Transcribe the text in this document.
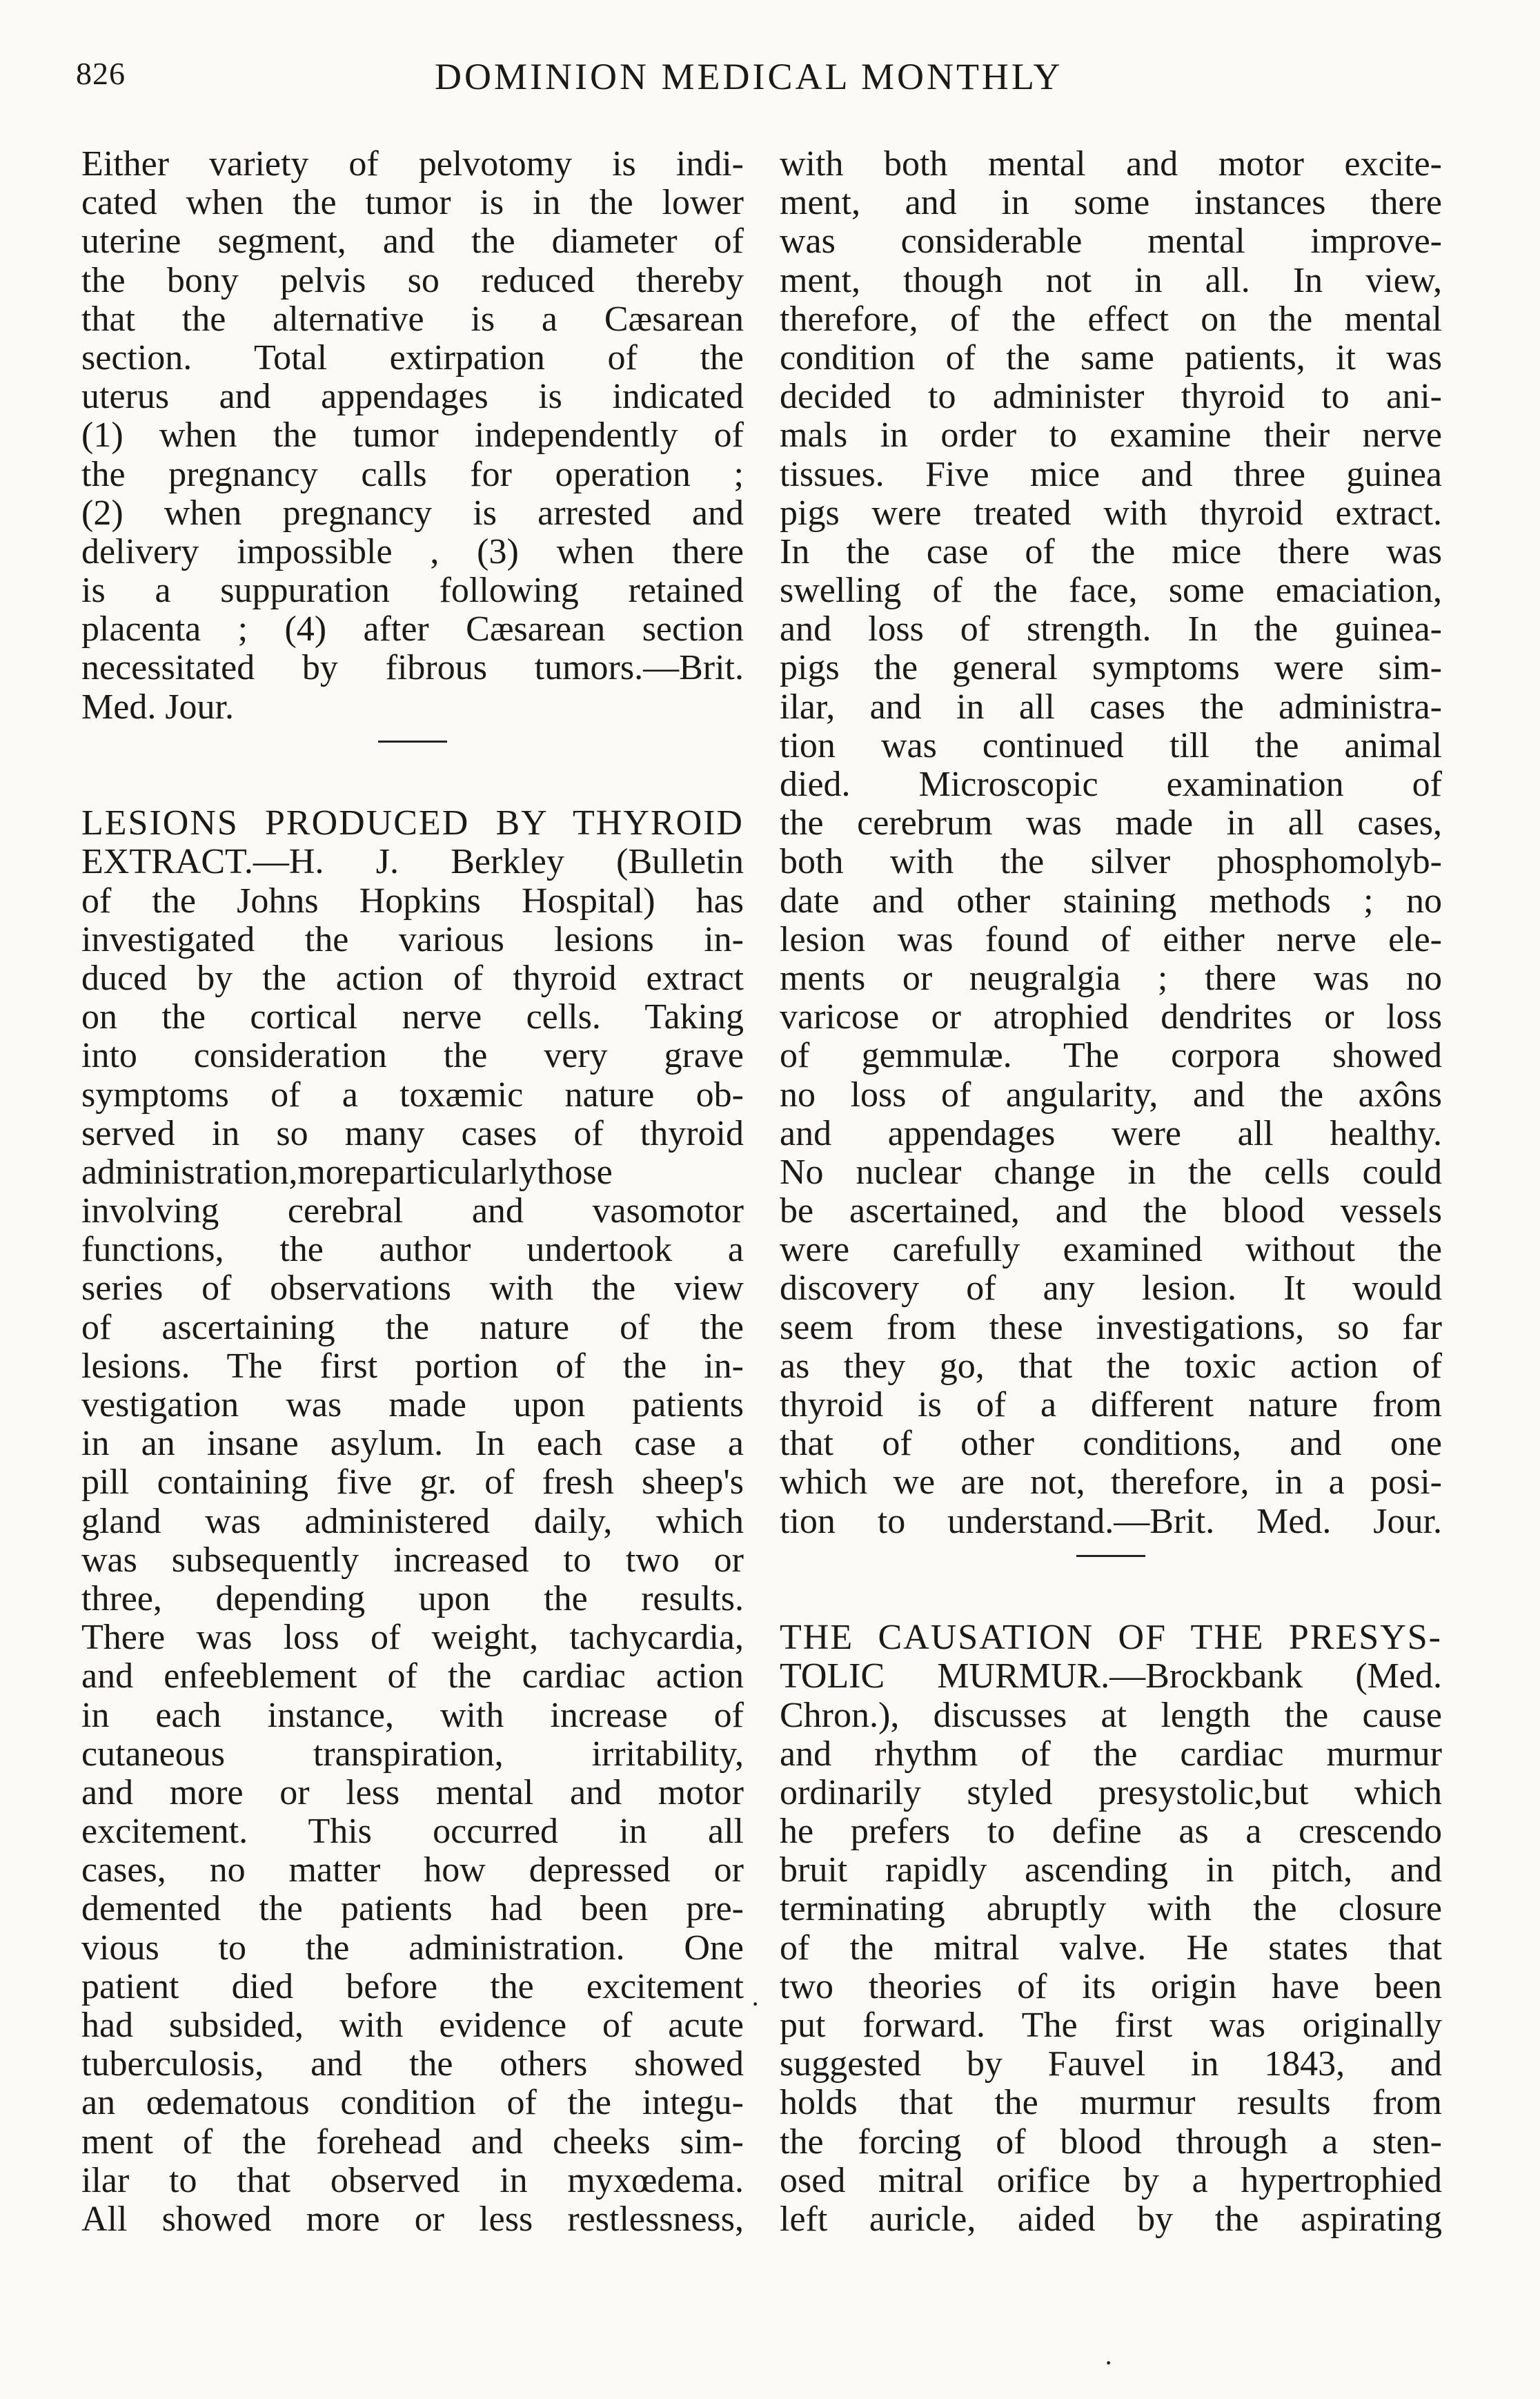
826	DOMINION MEDICAL MONTHLY
Either variety of pelvotomy is indi-
cated when the tumor is in the lower
uterine segment, and the diameter of
the bony pelvis so reduced thereby
that the alternative is a Cæsarean
section. Total extirpation of the
uterus and appendages is indicated
(1) when the tumor independently of
the pregnancy calls for operation ;
(2) when pregnancy is arrested and
delivery impossible , (3) when there
is a suppuration following retained
placenta ; (4) after Cæsarean section
necessitated by fibrous tumors.—Brit.
Med. Jour.
LESIONS PRODUCED BY THYROID
EXTRACT.—H. J. Berkley (Bulletin
of the Johns Hopkins Hospital) has
investigated the various lesions in-
duced by the action of thyroid extract
on the cortical nerve cells. Taking
into consideration the very grave
symptoms of a toxæmic nature ob-
served in so many cases of thyroid
administration,moreparticularlythose
involving cerebral and vasomotor
functions, the author undertook a
series of observations with the view
of ascertaining the nature of the
lesions. The first portion of the in-
vestigation was made upon patients
in an insane asylum. In each case a
pill containing five gr. of fresh sheep's
gland was administered daily, which
was subsequently increased to two or
three, depending upon the results.
There was loss of weight, tachycardia,
and enfeeblement of the cardiac action
in each instance, with increase of
cutaneous transpiration, irritability,
and more or less mental and motor
excitement. This occurred in all
cases, no matter how depressed or
demented the patients had been pre-
vious to the administration. One
patient died before the excitement
had subsided, with evidence of acute
tuberculosis, and the others showed
an œdematous condition of the integu-
ment of the forehead and cheeks sim-
ilar to that observed in myxœdema.
All showed more or less restlessness,
with both mental and motor excite-
ment, and in some instances there
was considerable mental improve-
ment, though not in all. In view,
therefore, of the effect on the mental
condition of the same patients, it was
decided to administer thyroid to ani-
mals in order to examine their nerve
tissues. Five mice and three guinea
pigs were treated with thyroid extract.
In the case of the mice there was
swelling of the face, some emaciation,
and loss of strength. In the guinea-
pigs the general symptoms were sim-
ilar, and in all cases the administra-
tion was continued till the animal
died. Microscopic examination of
the cerebrum was made in all cases,
both with the silver phosphomolyb-
date and other staining methods ; no
lesion was found of either nerve ele-
ments or neugralgia ; there was no
varicose or atrophied dendrites or loss
of gemmulæ. The corpora showed
no loss of angularity, and the axôns
and appendages were all healthy.
No nuclear change in the cells could
be ascertained, and the blood vessels
were carefully examined without the
discovery of any lesion. It would
seem from these investigations, so far
as they go, that the toxic action of
thyroid is of a different nature from
that of other conditions, and one
which we are not, therefore, in a posi-
tion to understand.—Brit. Med. Jour.
THE CAUSATION OF THE PRESYS-
TOLIC MURMUR.—Brockbank (Med.
Chron.), discusses at length the cause
and rhythm of the cardiac murmur
ordinarily styled presystolic,but which
he prefers to define as a crescendo
bruit rapidly ascending in pitch, and
terminating abruptly with the closure
of the mitral valve. He states that
two theories of its origin have been
put forward. The first was originally
suggested by Fauvel in 1843, and
holds that the murmur results from
the forcing of blood through a sten-
osed mitral orifice by a hypertrophied
left auricle, aided by the aspirating
·
·
